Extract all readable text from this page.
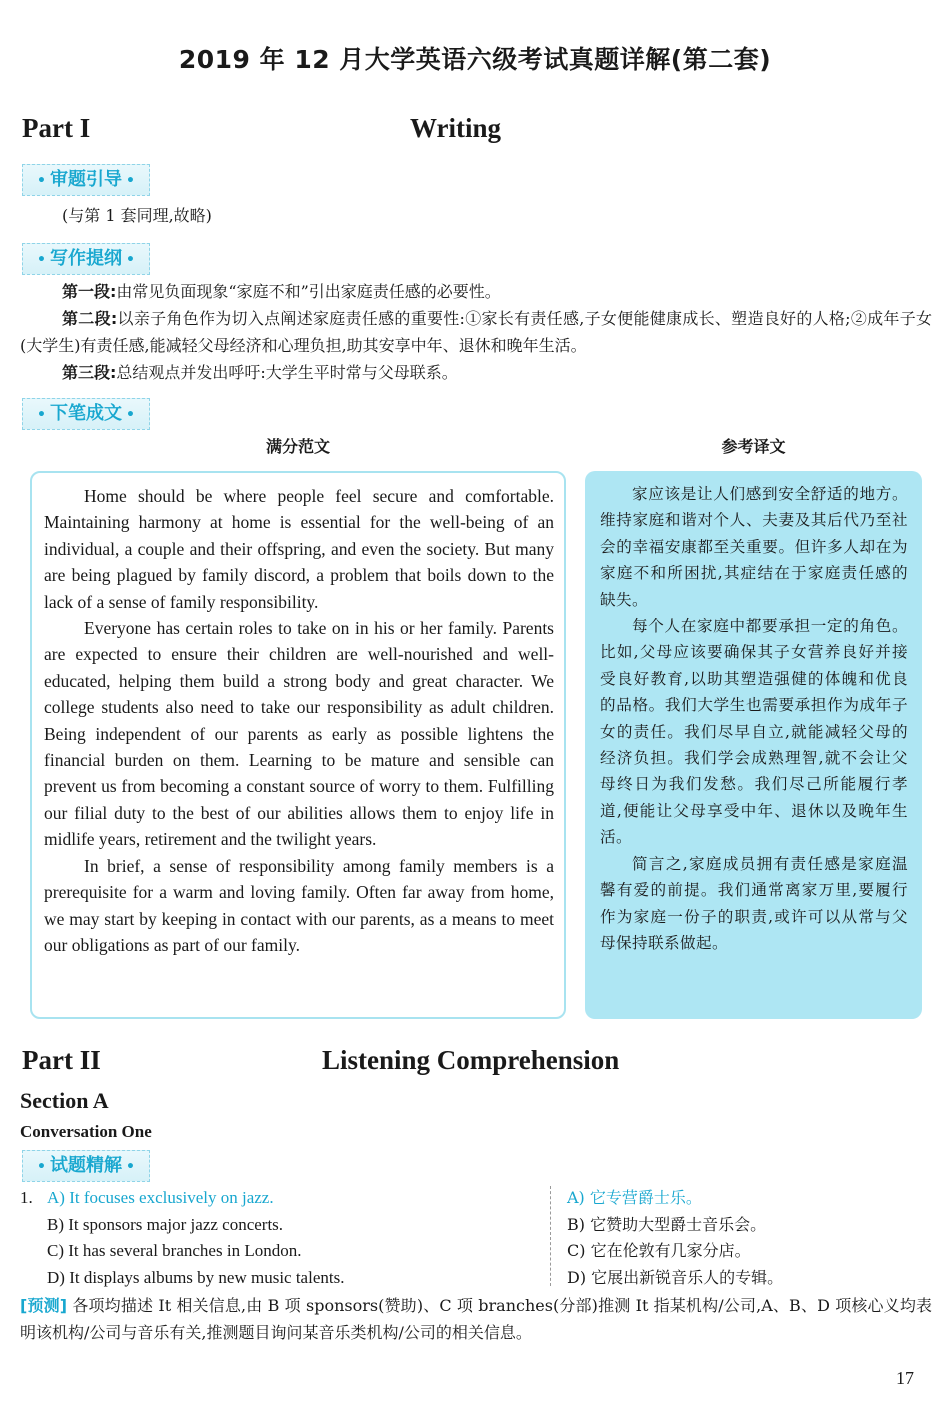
2019 年 12 月大学英语六级考试真题详解(第二套)
Part I	Writing
• 审题引导 •
(与第 1 套同理,故略)
• 写作提纲 •
第一段:由常见负面现象“家庭不和”引出家庭责任感的必要性。
第二段:以亲子角色作为切入点阐述家庭责任感的重要性:①家长有责任感,子女便能健康成长、塑造良好的人格;②成年子女(大学生)有责任感,能减轻父母经济和心理负担,助其安享中年、退休和晚年生活。
第三段:总结观点并发出呼吁:大学生平时常与父母联系。
• 下笔成文 •
满分范文	参考译文

Home should be where people feel secure and comfortable. Maintaining harmony at home is essential for the well-being of an individual, a couple and their offspring, and even the society. But many are being plagued by family discord, a problem that boils down to the lack of a sense of family responsibility.

Everyone has certain roles to take on in his or her family. Parents are expected to ensure their children are well-nourished and well-educated, helping them build a strong body and great character. We college students also need to take our responsibility as adult children. Being independent of our parents as early as possible lightens the financial burden on them. Learning to be mature and sensible can prevent us from becoming a constant source of worry to them. Fulfilling our filial duty to the best of our abilities allows them to enjoy life in midlife years, retirement and the twilight years.

In brief, a sense of responsibility among family members is a prerequisite for a warm and loving family. Often far away from home, we may start by keeping in contact with our parents, as a means to meet our obligations as part of our family.

家应该是让人们感到安全舒适的地方。维持家庭和谐对个人、夫妻及其后代乃至社会的幸福安康都至关重要。但许多人却在为家庭不和所困扰,其症结在于家庭责任感的缺失。

每个人在家庭中都要承担一定的角色。比如,父母应该要确保其子女营养良好并接受良好教育,以助其塑造强健的体魄和优良的品格。我们大学生也需要承担作为成年子女的责任。我们尽早自立,就能减轻父母的经济负担。我们学会成熟理智,就不会让父母终日为我们发愁。我们尽己所能履行孝道,便能让父母享受中年、退休以及晚年生活。

简言之,家庭成员拥有责任感是家庭温馨有爱的前提。我们通常离家万里,要履行作为家庭一份子的职责,或许可以从常与父母保持联系做起。

Part II	Listening Comprehension
Section A
Conversation One
• 试题精解 •
1. A) It focuses exclusively on jazz.
B) It sponsors major jazz concerts.
C) It has several branches in London.
D) It displays albums by new music talents.
A) 它专营爵士乐。
B) 它赞助大型爵士音乐会。
C) 它在伦敦有几家分店。
D) 它展出新锐音乐人的专辑。
[预测] 各项均描述 It 相关信息,由 B 项 sponsors(赞助)、C 项 branches(分部)推测 It 指某机构/公司,A、B、D 项核心义均表明该机构/公司与音乐有关,推测题目询问某音乐类机构/公司的相关信息。
17
